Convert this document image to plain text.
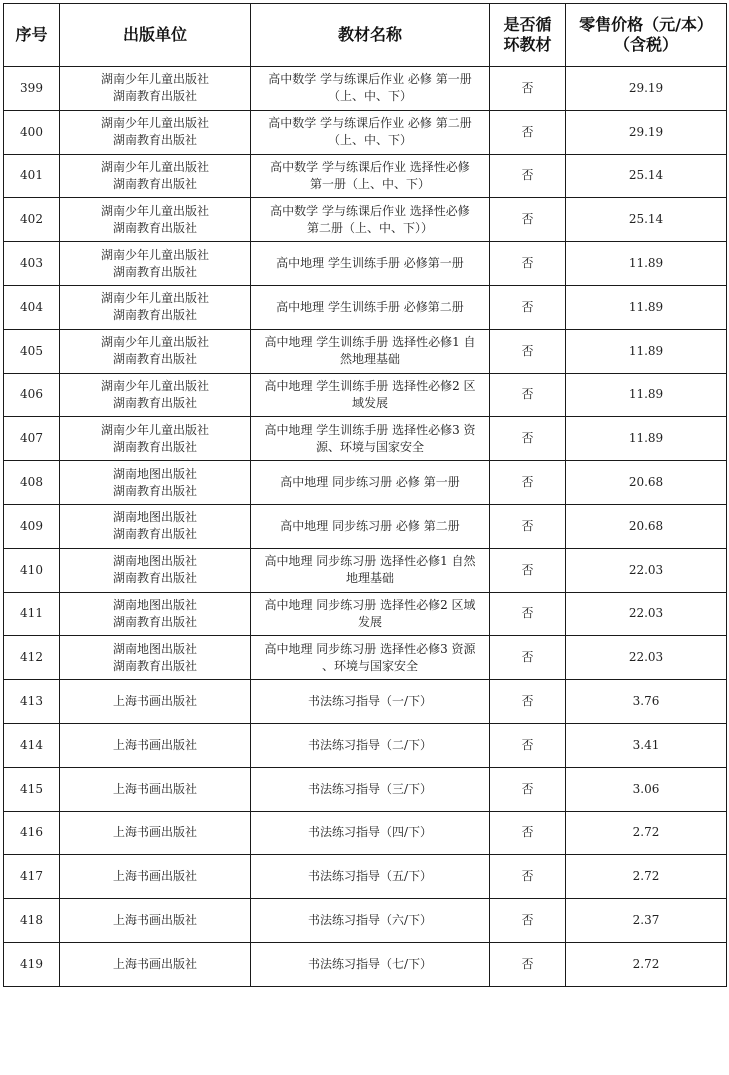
序号	出版单位	教材名称	是否循
环教材	零售价格（元/本）
（含税）

399	湖南少年儿童出版社
湖南教育出版社	高中数学 学与练课后作业 必修 第一册
（上、中、下）	否	29.19
400	湖南少年儿童出版社
湖南教育出版社	高中数学 学与练课后作业 必修 第二册
（上、中、下）	否	29.19
401	湖南少年儿童出版社
湖南教育出版社	高中数学 学与练课后作业 选择性必修
第一册（上、中、下）	否	25.14
402	湖南少年儿童出版社
湖南教育出版社	高中数学 学与练课后作业 选择性必修
第二册（上、中、下））	否	25.14
403	湖南少年儿童出版社
湖南教育出版社	高中地理 学生训练手册 必修第一册	否	11.89
404	湖南少年儿童出版社
湖南教育出版社	高中地理 学生训练手册 必修第二册	否	11.89
405	湖南少年儿童出版社
湖南教育出版社	高中地理 学生训练手册 选择性必修1 自
然地理基础	否	11.89
406	湖南少年儿童出版社
湖南教育出版社	高中地理 学生训练手册 选择性必修2 区
域发展	否	11.89
407	湖南少年儿童出版社
湖南教育出版社	高中地理 学生训练手册 选择性必修3 资
源、环境与国家安全	否	11.89
408	湖南地图出版社
湖南教育出版社	高中地理 同步练习册 必修 第一册	否	20.68
409	湖南地图出版社
湖南教育出版社	高中地理 同步练习册 必修 第二册	否	20.68
410	湖南地图出版社
湖南教育出版社	高中地理 同步练习册 选择性必修1 自然
地理基础	否	22.03
411	湖南地图出版社
湖南教育出版社	高中地理 同步练习册 选择性必修2 区域
发展	否	22.03
412	湖南地图出版社
湖南教育出版社	高中地理 同步练习册 选择性必修3 资源
、环境与国家安全	否	22.03
413	上海书画出版社	书法练习指导（一/下）	否	3.76
414	上海书画出版社	书法练习指导（二/下）	否	3.41
415	上海书画出版社	书法练习指导（三/下）	否	3.06
416	上海书画出版社	书法练习指导（四/下）	否	2.72
417	上海书画出版社	书法练习指导（五/下）	否	2.72
418	上海书画出版社	书法练习指导（六/下）	否	2.37
419	上海书画出版社	书法练习指导（七/下）	否	2.72
